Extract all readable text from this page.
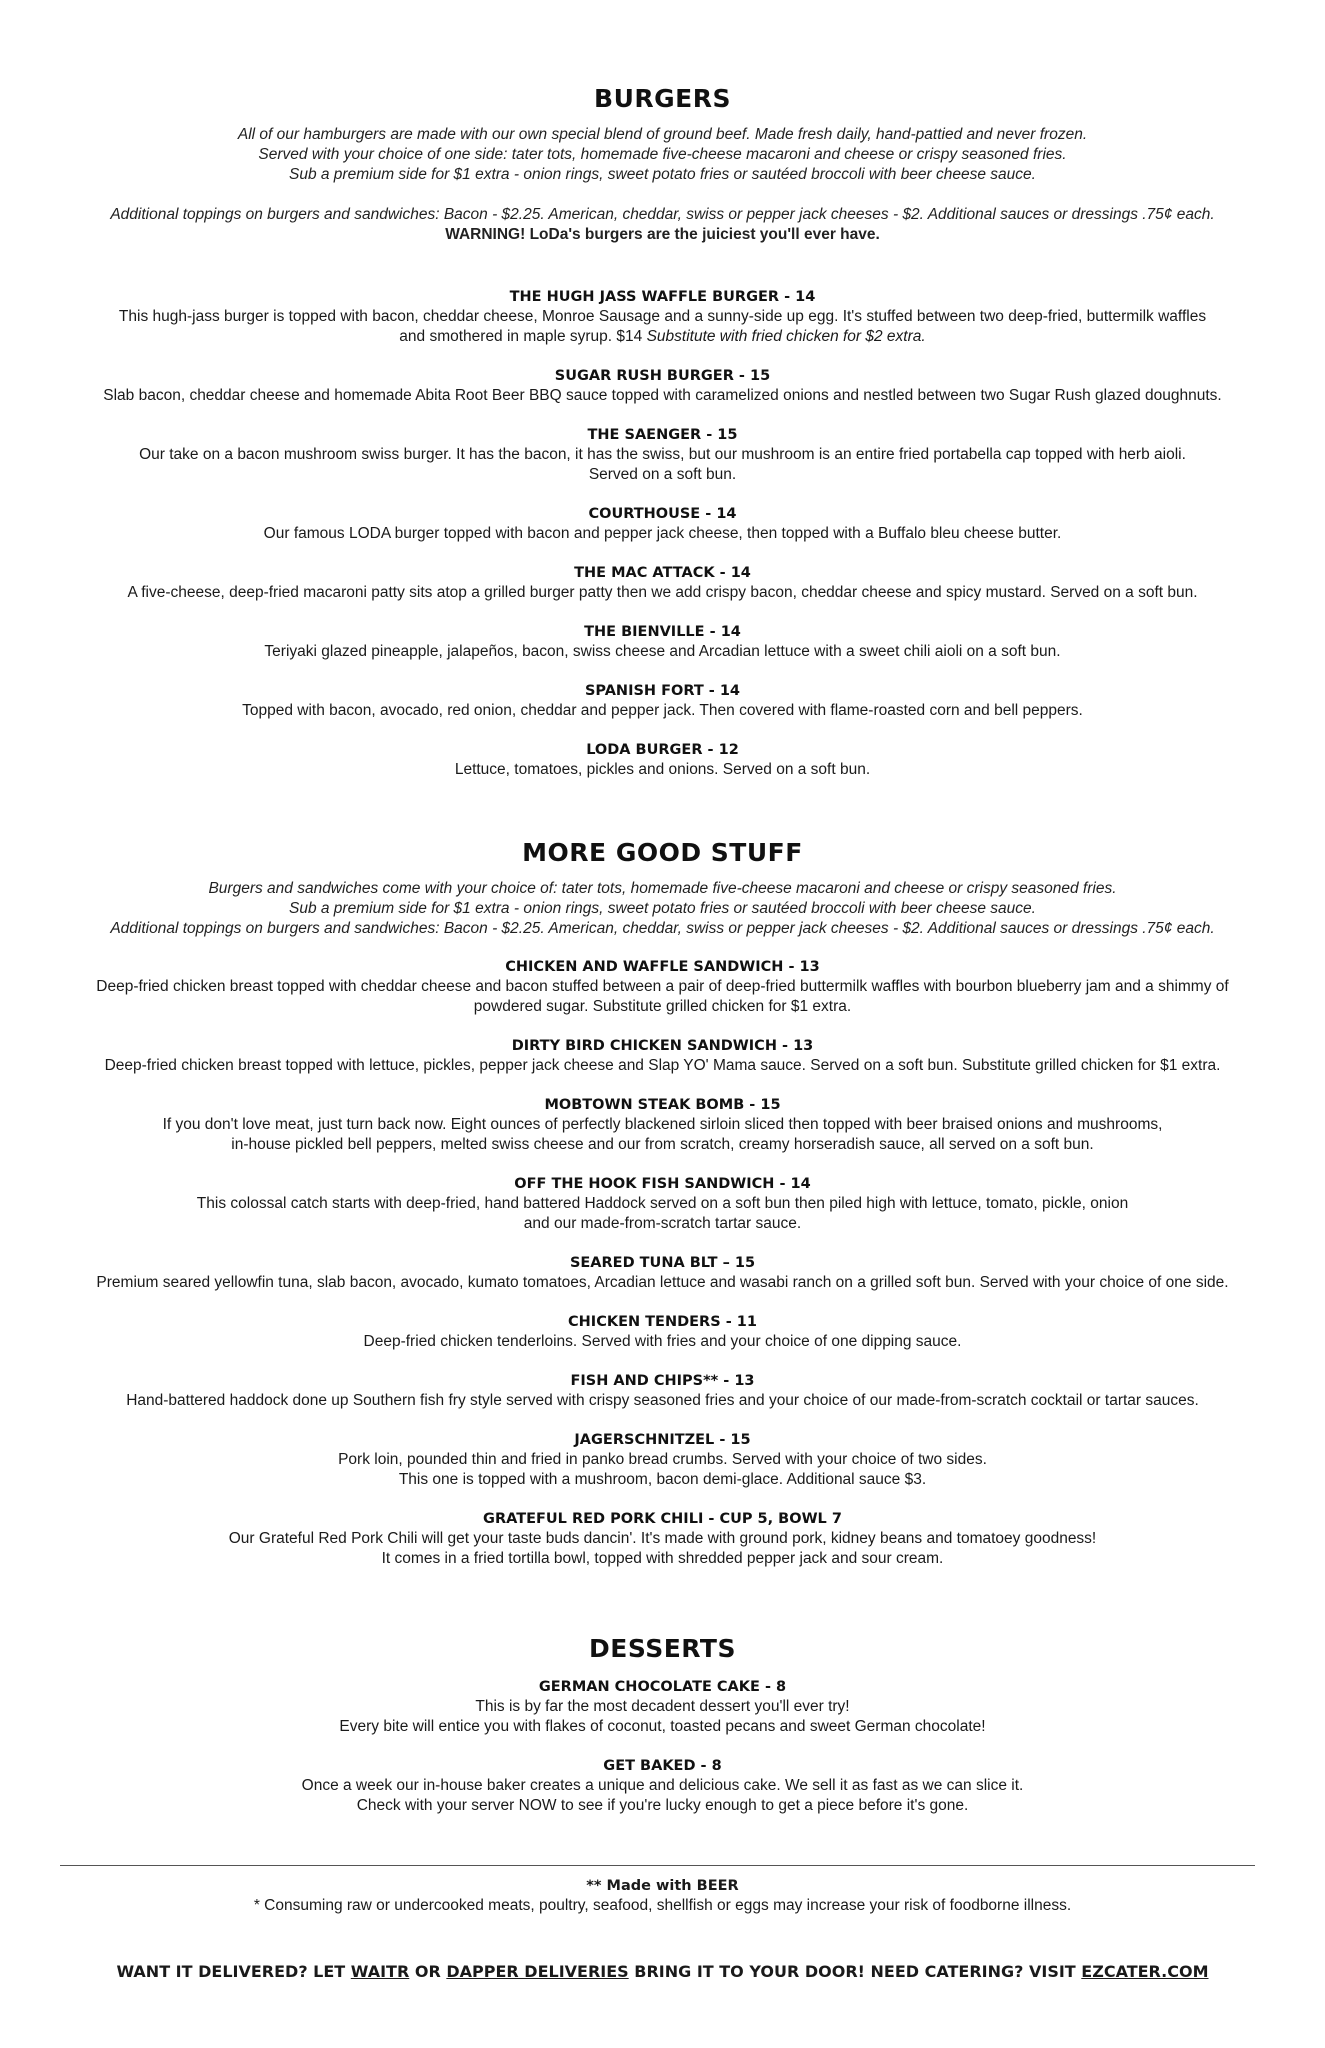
BURGERS

All of our hamburgers are made with our own special blend of ground beef. Made fresh daily, hand-pattied and never frozen.
Served with your choice of one side: tater tots, homemade five-cheese macaroni and cheese or crispy seasoned fries.
Sub a premium side for $1 extra - onion rings, sweet potato fries or sautéed broccoli with beer cheese sauce.
Additional toppings on burgers and sandwiches: Bacon - $2.25. American, cheddar, swiss or pepper jack cheeses - $2. Additional sauces or dressings .75¢ each.
WARNING! LoDa's burgers are the juiciest you'll ever have.

THE HUGH JASS WAFFLE BURGER - 14
This hugh-jass burger is topped with bacon, cheddar cheese, Monroe Sausage and a sunny-side up egg. It's stuffed between two deep-fried, buttermilk waffles
and smothered in maple syrup. $14 Substitute with fried chicken for $2 extra.
SUGAR RUSH BURGER - 15
Slab bacon, cheddar cheese and homemade Abita Root Beer BBQ sauce topped with caramelized onions and nestled between two Sugar Rush glazed doughnuts.
THE SAENGER - 15
Our take on a bacon mushroom swiss burger. It has the bacon, it has the swiss, but our mushroom is an entire fried portabella cap topped with herb aioli.
Served on a soft bun.
COURTHOUSE - 14
Our famous LODA burger topped with bacon and pepper jack cheese, then topped with a Buffalo bleu cheese butter.
THE MAC ATTACK - 14
A five-cheese, deep-fried macaroni patty sits atop a grilled burger patty then we add crispy bacon, cheddar cheese and spicy mustard. Served on a soft bun.
THE BIENVILLE - 14
Teriyaki glazed pineapple, jalapeños, bacon, swiss cheese and Arcadian lettuce with a sweet chili aioli on a soft bun.
SPANISH FORT - 14
Topped with bacon, avocado, red onion, cheddar and pepper jack. Then covered with flame-roasted corn and bell peppers.
LODA BURGER - 12
Lettuce, tomatoes, pickles and onions. Served on a soft bun.
MORE GOOD STUFF

Burgers and sandwiches come with your choice of: tater tots, homemade five-cheese macaroni and cheese or crispy seasoned fries.
Sub a premium side for $1 extra - onion rings, sweet potato fries or sautéed broccoli with beer cheese sauce.
Additional toppings on burgers and sandwiches: Bacon - $2.25. American, cheddar, swiss or pepper jack cheeses - $2. Additional sauces or dressings .75¢ each.

CHICKEN AND WAFFLE SANDWICH - 13
Deep-fried chicken breast topped with cheddar cheese and bacon stuffed between a pair of deep-fried buttermilk waffles with bourbon blueberry jam and a shimmy of
powdered sugar. Substitute grilled chicken for $1 extra.
DIRTY BIRD CHICKEN SANDWICH - 13
Deep-fried chicken breast topped with lettuce, pickles, pepper jack cheese and Slap YO' Mama sauce. Served on a soft bun. Substitute grilled chicken for $1 extra.
MOBTOWN STEAK BOMB - 15
If you don't love meat, just turn back now. Eight ounces of perfectly blackened sirloin sliced then topped with beer braised onions and mushrooms,
in-house pickled bell peppers, melted swiss cheese and our from scratch, creamy horseradish sauce, all served on a soft bun.
OFF THE HOOK FISH SANDWICH - 14
This colossal catch starts with deep-fried, hand battered Haddock served on a soft bun then piled high with lettuce, tomato, pickle, onion
and our made-from-scratch tartar sauce.
SEARED TUNA BLT – 15
Premium seared yellowfin tuna, slab bacon, avocado, kumato tomatoes, Arcadian lettuce and wasabi ranch on a grilled soft bun. Served with your choice of one side.
CHICKEN TENDERS - 11
Deep-fried chicken tenderloins. Served with fries and your choice of one dipping sauce.
FISH AND CHIPS** - 13
Hand-battered haddock done up Southern fish fry style served with crispy seasoned fries and your choice of our made-from-scratch cocktail or tartar sauces.
JAGERSCHNITZEL - 15
Pork loin, pounded thin and fried in panko bread crumbs. Served with your choice of two sides.
This one is topped with a mushroom, bacon demi-glace. Additional sauce $3.
GRATEFUL RED PORK CHILI - CUP 5, BOWL 7
Our Grateful Red Pork Chili will get your taste buds dancin'. It's made with ground pork, kidney beans and tomatoey goodness!
It comes in a fried tortilla bowl, topped with shredded pepper jack and sour cream.
DESSERTS
GERMAN CHOCOLATE CAKE - 8
This is by far the most decadent dessert you'll ever try!
Every bite will entice you with flakes of coconut, toasted pecans and sweet German chocolate!
GET BAKED - 8
Once a week our in-house baker creates a unique and delicious cake. We sell it as fast as we can slice it.
Check with your server NOW to see if you're lucky enough to get a piece before it's gone.
** Made with BEER
* Consuming raw or undercooked meats, poultry, seafood, shellfish or eggs may increase your risk of foodborne illness.
WANT IT DELIVERED? LET WAITR OR DAPPER DELIVERIES BRING IT TO YOUR DOOR! NEED CATERING? VISIT EZCATER.COM
